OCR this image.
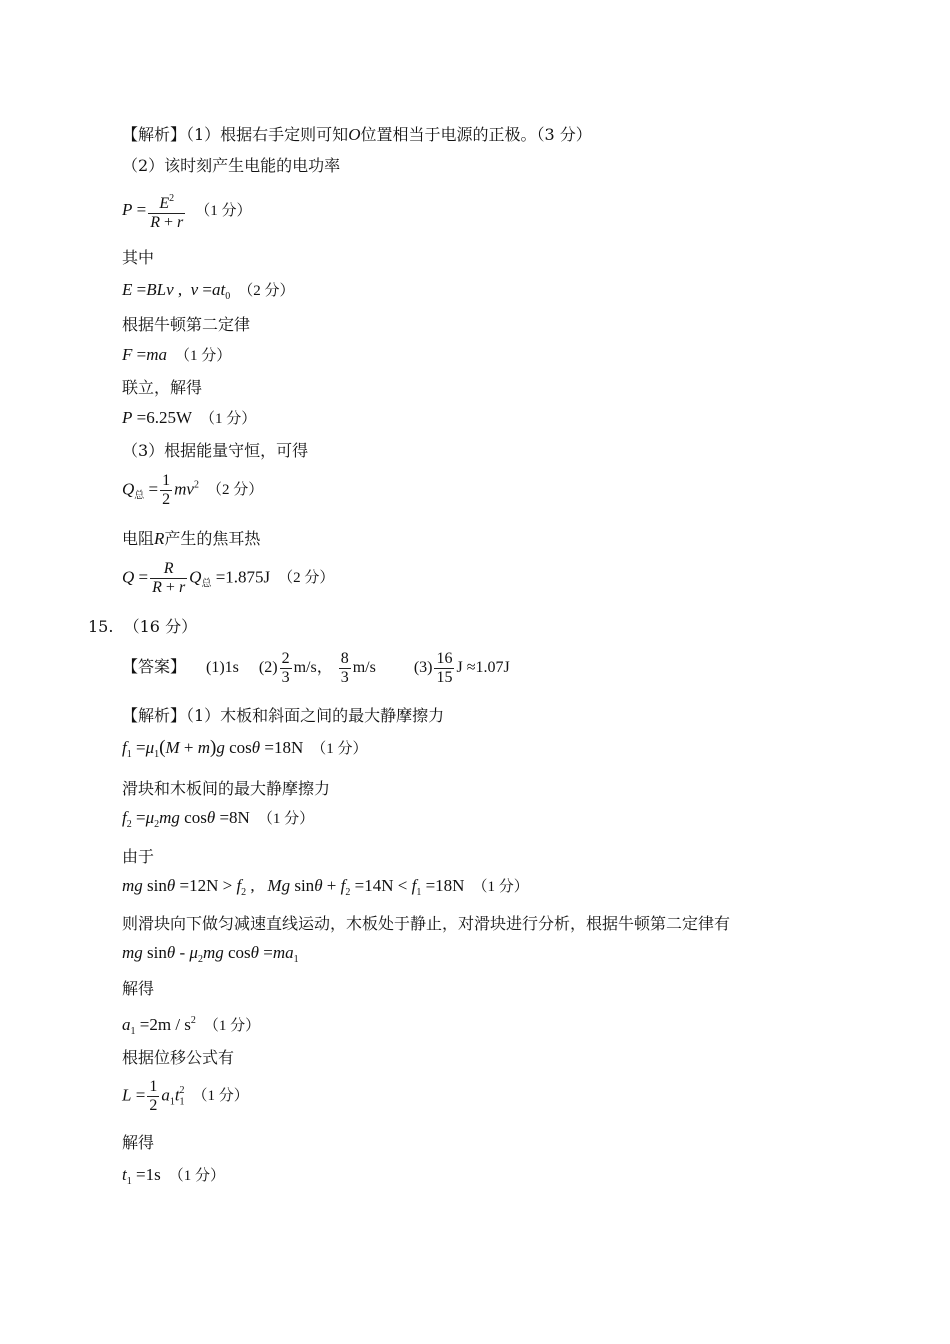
【解析】（1）根据右手定则可知O位置相当于电源的正极。（3 分）
（2）该时刻产生电能的电功率
$P = \frac{E^2}{R + r} (1$ 分）
其中
E =BLv ,  $v =at_0$ （2 分）
根据牛顿第二定律
F =ma （1 分）
联立，解得
P =6.25W （1 分）
（3）根据能量守恒，可得
$Q_总 = \frac{1}{2} mv^2$ （2 分）
电阻R产生的焦耳热
$Q = \frac{R}{R + r} Q_总 =1.875J$ （2 分）
15. （16 分）
【答案】 (1)1s $(2) \frac{2}{3} m/s$， $\frac{8}{3} m/s$ $(3) \frac{16}{15}$ J ≈1.07J
【解析】（1）木板和斜面之间的最大静摩擦力
$f_1 =\mu_1(M + m)g$ cosθ =18N （1 分）
滑块和木板间的最大静摩擦力
$f_2 =\mu_2mg$ cosθ =8N （1 分）
由于
mg $\sin\theta =12N > f_2$ ,   Mg $\sin\theta + f_2 =14N < f_1 =18N$ （1 分）
则滑块向下做匀减速直线运动，木板处于静止，对滑块进行分析，根据牛顿第二定律有
mg sinθ - $\mu_2mg$ $\cos\theta =ma_1$
解得
$a_1 =2m / s^2$ （1 分）
根据位移公式有
$L = \frac{1}{2} a_1t_1^2$ （1 分）
解得
$t_1 =1s$ （1 分）
